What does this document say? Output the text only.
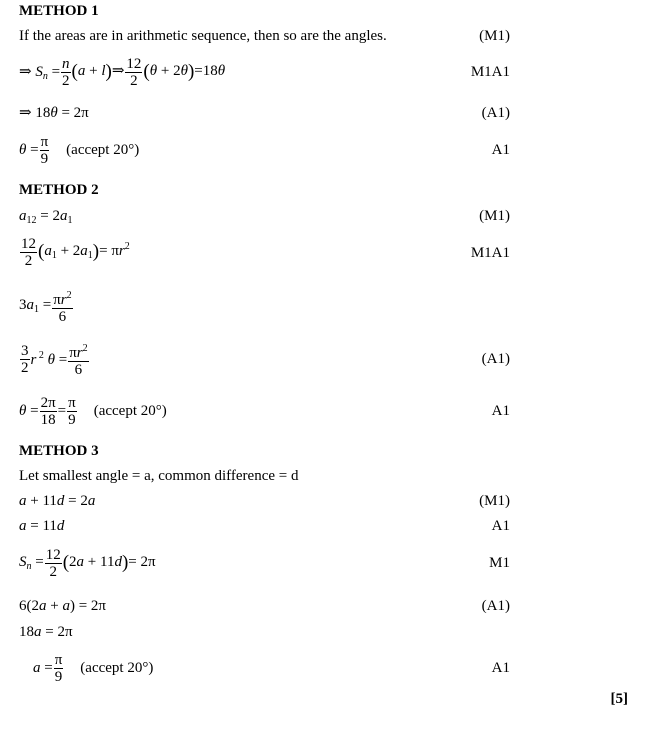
METHOD 1
If the areas are in arithmetic sequence, then so are the angles.	(M1)
⇒ $S_n = \frac{n}{2} (a$ + l)⇒ $\frac{12}{2} (\theta + 2\theta)=18\theta$	M1A1
⇒ 18θ = 2π	(A1)
$\theta = \frac{\pi}{9}$ (accept 20°)	A1
METHOD 2
$a_{12} = 2a_1$	(M1)
$\frac{12}{2} (a_1 + 2a_1)= \pi r^2$	M1A1
$3a_1 = \frac{\pi r^2}{6}$
$\frac{3}{2}$ r $^2$ $\theta = \frac{\pi r^2}{6}$	(A1)
$\theta = \frac{2\pi}{18} = \frac{\pi}{9}$ (accept 20°)	A1
METHOD 3
Let smallest angle = a, common difference = d
a + 11d = 2a	(M1)
a = 11d	A1
$S_n = \frac{12}{2} (2a + 11d)= 2\pi$	M1
6(2a + a) = 2π	(A1)
18a = 2π
$a = \frac{\pi}{9}$ (accept 20°)	A1
[5]
